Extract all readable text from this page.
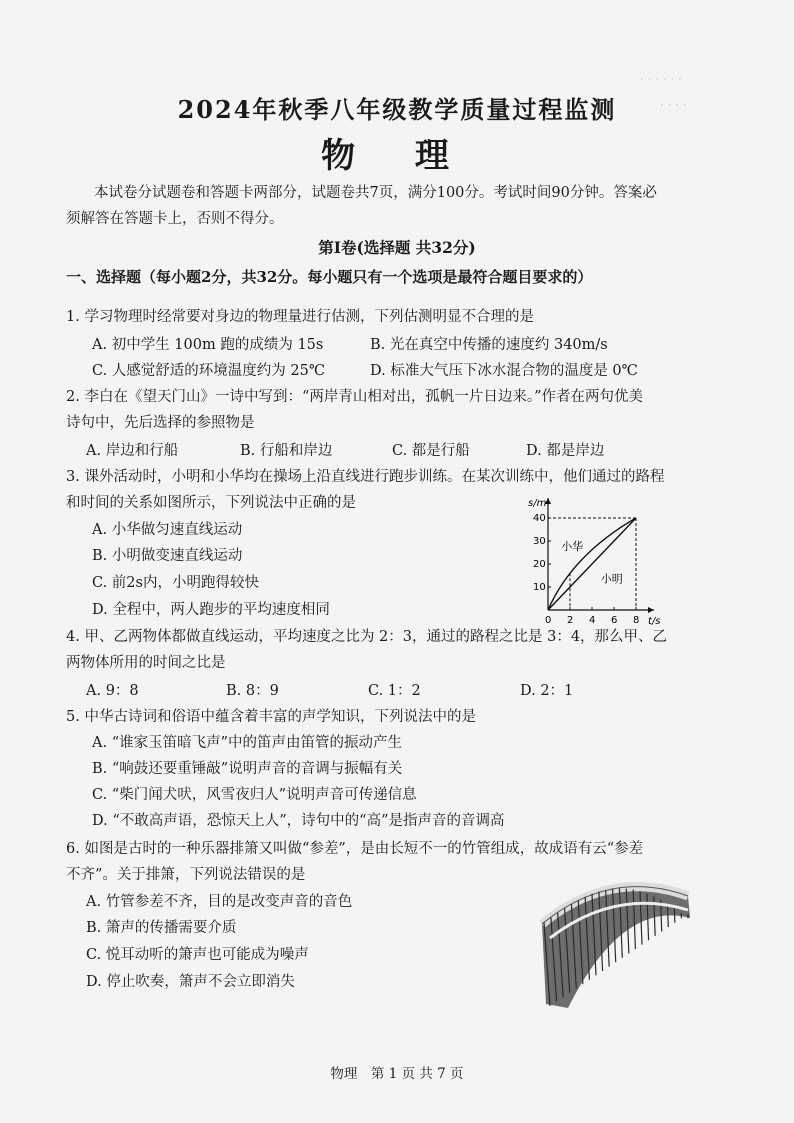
· · · · · ·
· · · ·
2024年秋季八年级教学质量过程监测
物 理
本试卷分试题卷和答题卡两部分，试题卷共7页，满分100分。考试时间90分钟。答案必
须解答在答题卡上，否则不得分。
第Ⅰ卷(选择题 共32分)
一、选择题（每小题2分，共32分。每小题只有一个选项是最符合题目要求的）
1. 学习物理时经常要对身边的物理量进行估测，下列估测明显不合理的是
A. 初中学生 100m 跑的成绩为 15s	B. 光在真空中传播的速度约 340m/s
C. 人感觉舒适的环境温度约为 25℃	D. 标准大气压下冰水混合物的温度是 0℃
2. 李白在《望天门山》一诗中写到：“两岸青山相对出，孤帆一片日边来。”作者在两句优美
诗句中，先后选择的参照物是
A. 岸边和行船	B. 行船和岸边	C. 都是行船	D. 都是岸边
3. 课外活动时，小明和小华均在操场上沿直线进行跑步训练。在某次训练中，他们通过的路程
和时间的关系如图所示，下列说法中正确的是
A. 小华做匀速直线运动
B. 小明做变速直线运动
C. 前2s内，小明跑得较快
D. 全程中，两人跑步的平均速度相同
t/s
s/m
0 2 4 6 8
10
20
30
40
小华
小明
4. 甲、乙两物体都做直线运动，平均速度之比为 2：3，通过的路程之比是 3：4，那么甲、乙
两物体所用的时间之比是
A. 9：8	B. 8：9	C. 1：2	D. 2：1
5. 中华古诗词和俗语中蕴含着丰富的声学知识，下列说法中的是
A. “谁家玉笛暗飞声”中的笛声由笛管的振动产生
B. “响鼓还要重锤敲”说明声音的音调与振幅有关
C. “柴门闻犬吠，风雪夜归人”说明声音可传递信息
D. “不敢高声语，恐惊天上人”，诗句中的“高”是指声音的音调高
6. 如图是古时的一种乐器排箫又叫做“参差”，是由长短不一的竹管组成，故成语有云“参差
不齐”。关于排箫，下列说法错误的是
A. 竹管参差不齐，目的是改变声音的音色
B. 箫声的传播需要介质
C. 悦耳动听的箫声也可能成为噪声
D. 停止吹奏，箫声不会立即消失
物理　第 1 页 共 7 页
